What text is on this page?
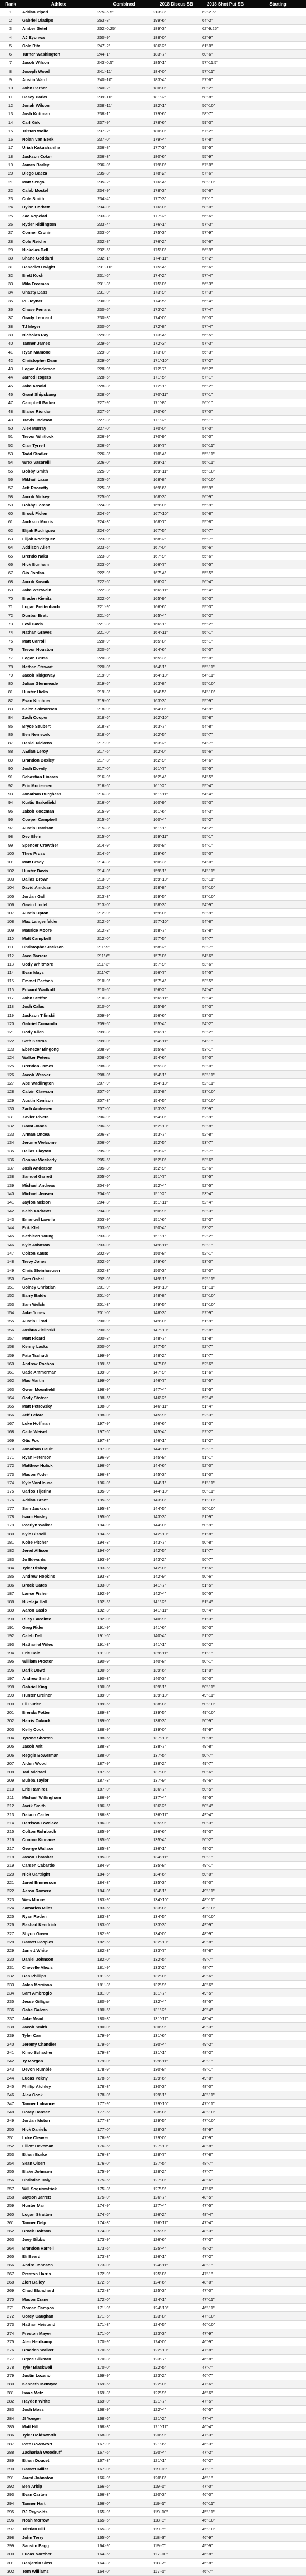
Rank	Athlete	Combined	2018 Discus SB	2018 Shot Put SB	Starting
1	Adrian Piperi	275'-5.5"	213'-3"	62'-2.5"	
2	Gabriel Oladipo	263'-8"	199'-6"	64'-2"	
3	Amber Getel	252'-0.25"	189'-3"	62'-9.25"	
4	AJ Eyonwa	250'-9"	188'-0"	62'-9"	
5	Cole Ritz	247'-2"	186'-2"	61'-0"	
6	Turner Washington	244'-1"	183'-7"	60'-6"	
7	Jacob Wilson	243'-0.5"	185'-1"	57'-11.5"	
8	Joseph Wood	241'-11"	184'-0"	57'-11"	
9	Austin Ward	240'-10"	183'-4"	57'-6"	
10	John Barber	240'-2"	180'-0"	60'-2"	
11	Casey Parks	239'-10"	181'-2"	58'-8"	
12	Jonah Wilson	238'-11"	182'-1"	56'-10"	
13	Josh Kottman	238'-1"	179'-6"	58'-7"	
14	Carl Kirk	237'-9"	178'-6"	59'-3"	
15	Tristan Wolfe	237'-2"	180'-0"	57'-2"	
16	Nolan Van Beek	237'-0"	179'-4"	57'-8"	
17	Uriah Kakuahaniha	236'-8"	177'-3"	59'-5"	
18	Jackson Coker	236'-3"	180'-6"	55'-9"	
19	James Barley	236'-0"	179'-0"	57'-0"	
20	Diego Baeza	235'-8"	178'-2"	57'-6"	
21	Matt Szego	235'-2"	176'-4"	58'-10"	
22	Caleb Mostel	234'-9"	178'-3"	56'-6"	
23	Cole Smith	234'-4"	177'-3"	57'-1"	
24	Dylan Corbett	234'-0"	176'-0"	58'-0"	
25	Zac Ropelad	233'-8"	177'-2"	56'-6"	
26	Ryder Ridlington	233'-4"	176'-1"	57'-3"	
27	Conner Cronin	233'-0"	175'-3"	57'-9"	
28	Cole Reiche	232'-8"	176'-2"	56'-6"	
29	Nickolas Dell	232'-5"	175'-8"	56'-9"	
30	Shane Goddard	232'-1"	174'-11"	57'-2"	
31	Benedict Dwight	231'-10"	175'-4"	56'-6"	
32	Brett Koch	231'-6"	174'-2"	57'-4"	
33	Milo Freeman	231'-3"	175'-0"	56'-3"	
34	Chasty Bass	231'-0"	173'-9"	57'-3"	
35	PL Joyner	230'-9"	174'-5"	56'-4"	
36	Chase Ferrara	230'-6"	173'-2"	57'-4"	
37	Grady Leonard	230'-3"	174'-0"	56'-3"	
38	TJ Meyer	230'-0"	172'-8"	57'-4"	
39	Nicholas Ray	229'-9"	173'-4"	56'-5"	
40	Tanner James	229'-6"	172'-3"	57'-3"	
41	Ryan Mamone	229'-3"	173'-0"	56'-3"	
42	Christopher Dean	229'-0"	171'-10"	57'-2"	
43	Logan Anderson	228'-9"	172'-7"	56'-2"	
44	Jarrod Rogers	228'-6"	171'-5"	57'-1"	
45	Jake Arnold	228'-3"	172'-1"	56'-2"	
46	Grant Shipsbang	228'-0"	170'-11"	57'-1"	
47	Campbell Parker	227'-9"	171'-8"	56'-1"	
48	Blaise Riordan	227'-6"	170'-6"	57'-0"	
49	Travis Jackson	227'-3"	171'-2"	56'-1"	
50	Alex Murray	227'-0"	170'-0"	57'-0"	
51	Trevor Whitlock	226'-9"	170'-9"	56'-0"	
52	Cian Tyrrell	226'-6"	169'-7"	56'-11"	
53	Todd Stadler	226'-3"	170'-4"	55'-11"	
54	Wrex Vasarelli	226'-0"	169'-1"	56'-11"	
55	Bobby Smith	225'-9"	169'-11"	55'-10"	
56	Mikhail Lazar	225'-6"	168'-8"	56'-10"	
57	Jett Raccotty	225'-3"	169'-6"	55'-9"	
58	Jacob Mickey	225'-0"	168'-3"	56'-9"	
59	Bobby Lorenz	224'-9"	169'-0"	55'-9"	
60	Brock Ficlen	224'-6"	167'-10"	56'-8"	
61	Jackson Morris	224'-3"	168'-7"	55'-8"	
62	Elijah Rodriguez	224'-0"	167'-5"	56'-7"	
63	Elijah Rodriguez	223'-9"	168'-2"	55'-7"	
64	Addison Allen	223'-6"	167'-0"	56'-6"	
65	Brendo Naku	223'-3"	167'-9"	55'-6"	
66	Nick Bunham	223'-0"	166'-7"	56'-5"	
67	Gio Jordan	222'-9"	167'-4"	55'-5"	
68	Jacob Kosnik	222'-6"	166'-2"	56'-4"	
69	Jake Wertwein	222'-3"	166'-11"	55'-4"	
70	Braden Kienitz	222'-0"	165'-9"	56'-3"	
71	Logan Freitenbach	221'-9"	166'-6"	55'-3"	
72	Dunbar Brett	221'-6"	165'-4"	56'-2"	
73	Levi Davis	221'-3"	166'-1"	55'-2"	
74	Nathan Graves	221'-0"	164'-11"	56'-1"	
75	Matt Carroll	220'-9"	165'-8"	55'-1"	
76	Trevor Houston	220'-6"	164'-6"	56'-0"	
77	Logan Bruss	220'-3"	165'-3"	55'-0"	
78	Nathan Stewart	220'-0"	164'-1"	55'-11"	
79	Jacob Ridgeway	219'-9"	164'-10"	54'-11"	
80	Julian Glenmeade	219'-6"	163'-8"	55'-10"	
81	Hunter Hicks	219'-3"	164'-5"	54'-10"	
82	Evan Kirchner	219'-0"	163'-3"	55'-9"	
83	Kalen Salmonsen	218'-9"	164'-0"	54'-9"	
84	Zach Cooper	218'-6"	162'-10"	55'-8"	
85	Bryce Seubert	218'-3"	163'-7"	54'-8"	
86	Ben Nemecek	218'-0"	162'-5"	55'-7"	
87	Daniel Nickens	217'-9"	163'-2"	54'-7"	
88	AEdan Leroy	217'-6"	162'-0"	55'-6"	
89	Brandon Boxley	217'-3"	162'-9"	54'-6"	
90	Josh Dowdy	217'-0"	161'-7"	55'-5"	
91	Sebastian Linares	216'-9"	162'-4"	54'-5"	
92	Eric Mortensen	216'-6"	161'-2"	55'-4"	
93	Jonathan Burghess	216'-3"	161'-11"	54'-4"	
94	Kurtis Brakefield	216'-0"	160'-9"	55'-3"	
95	Jakob Koozman	215'-9"	161'-6"	54'-3"	
96	Cooper Campbell	215'-6"	160'-4"	55'-2"	
97	Austin Harrison	215'-3"	161'-1"	54'-2"	
98	Dev Blein	215'-0"	159'-11"	55'-1"	
99	Spencer Crowther	214'-9"	160'-8"	54'-1"	
100	Theo Pruss	214'-6"	159'-6"	55'-0"	
101	Matt Brady	214'-3"	160'-3"	54'-0"	
102	Hunter Davis	214'-0"	159'-1"	54'-11"	
103	Dallas Brown	213'-9"	159'-10"	53'-11"	
104	David Amduan	213'-6"	158'-8"	54'-10"	
105	Jordan Gall	213'-3"	159'-5"	53'-10"	
106	Gavin Lindel	213'-0"	158'-3"	54'-9"	
107	Austin Upton	212'-9"	159'-0"	53'-9"	
108	Max Langenfelder	212'-6"	157'-10"	54'-8"	
109	Maurice Moore	212'-3"	158'-7"	53'-8"	
110	Matt Campbell	212'-0"	157'-5"	54'-7"	
111	Christopher Jackson	211'-9"	158'-2"	53'-7"	
112	Jace Barrera	211'-6"	157'-0"	54'-6"	
113	Cody Whitmore	211'-3"	157'-9"	53'-6"	
114	Evan Mays	211'-0"	156'-7"	54'-5"	
115	Emmet Bartsch	210'-9"	157'-4"	53'-5"	
116	Edward Wadkoff	210'-6"	156'-2"	54'-4"	
117	John Steffan	210'-3"	156'-11"	53'-4"	
118	Josh Calas	210'-0"	155'-9"	54'-3"	
119	Jackson Tilinski	209'-9"	156'-6"	53'-3"	
120	Gabriel Comando	209'-6"	155'-4"	54'-2"	
121	Cody Allen	209'-3"	156'-1"	53'-2"	
122	Seth Kearns	209'-0"	154'-11"	54'-1"	
123	Ebenezer Bingong	208'-9"	155'-8"	53'-1"	
124	Walker Peters	208'-6"	154'-6"	54'-0"	
125	Brendan James	208'-3"	155'-3"	53'-0"	
126	Jacob Weaver	208'-0"	154'-1"	53'-11"	
127	Abe Wadlington	207'-9"	154'-10"	52'-11"	
128	Calvin Clawson	207'-6"	153'-8"	53'-10"	
129	Austin Kenison	207'-3"	154'-5"	52'-10"	
130	Zach Andersen	207'-0"	153'-3"	53'-9"	
131	Xavier Rivera	206'-9"	154'-0"	52'-9"	
132	Grant Jones	206'-6"	152'-10"	53'-8"	
133	Arman Oncea	206'-3"	153'-7"	52'-8"	
134	Jerome Welcome	206'-0"	152'-5"	53'-7"	
135	Dallas Clayton	205'-9"	153'-2"	52'-7"	
136	Connor Weckerly	205'-6"	152'-0"	53'-6"	
137	Josh Anderson	205'-3"	152'-9"	52'-6"	
138	Samuel Garrett	205'-0"	151'-7"	53'-5"	
139	Michael Andreas	204'-9"	152'-4"	52'-5"	
140	Michael Jensen	204'-6"	151'-2"	53'-4"	
141	Jaylon Nelson	204'-3"	151'-11"	52'-4"	
142	Keith Andrews	204'-0"	150'-9"	53'-3"	
143	Emanuel Lavelle	203'-9"	151'-6"	52'-3"	
144	Erik Klett	203'-6"	150'-4"	53'-2"	
145	Kathleen Young	203'-3"	151'-1"	52'-2"	
146	Kyle Johnson	203'-0"	149'-11"	53'-1"	
147	Colton Kauts	202'-9"	150'-8"	52'-1"	
148	Trevy Jones	202'-6"	149'-6"	53'-0"	
149	Chris Steinhaeuser	202'-3"	150'-3"	52'-0"	
150	Sam Oshel	202'-0"	149'-1"	52'-11"	
151	Colney Christian	201'-9"	149'-10"	51'-11"	
152	Barry Batdo	201'-6"	148'-8"	52'-10"	
153	Sam Welch	201'-3"	149'-5"	51'-10"	
154	Jake Jones	201'-0"	148'-3"	52'-9"	
155	Austin Elrod	200'-9"	149'-0"	51'-9"	
156	Joshua Zielinski	200'-6"	147'-10"	52'-8"	
157	Matt Ricard	200'-3"	148'-7"	51'-8"	
158	Kenny Lasks	200'-0"	147'-5"	52'-7"	
159	Pate Tschudi	199'-9"	148'-2"	51'-7"	
160	Andrew Rochon	199'-6"	147'-0"	52'-6"	
161	Cade Ammerman	199'-3"	147'-9"	51'-6"	
162	Mac Martin	199'-0"	146'-7"	52'-5"	
163	Owen Moonfield	198'-9"	147'-4"	51'-5"	
164	Cody Stotzer	198'-6"	146'-2"	52'-4"	
165	Matt Petrovsky	198'-3"	146'-11"	51'-4"	
166	Jeff Lefore	198'-0"	145'-9"	52'-3"	
167	Luke Hoffman	197'-9"	146'-6"	51'-3"	
168	Cade Weisel	197'-6"	145'-4"	52'-2"	
169	Otis Fox	197'-3"	146'-1"	51'-2"	
170	Jonathan Gault	197'-0"	144'-11"	52'-1"	
171	Ryan Peterson	196'-9"	145'-8"	51'-1"	
172	Matthew Hulick	196'-6"	144'-6"	52'-0"	
173	Mason Yoder	196'-3"	145'-3"	51'-0"	
174	Kyle VonHouse	196'-0"	144'-1"	51'-11"	
175	Carlos Tijerina	195'-9"	144'-10"	50'-11"	
176	Adrian Grant	195'-6"	143'-8"	51'-10"	
177	Sam Jackson	195'-3"	144'-5"	50'-10"	
178	Isaac Hosley	195'-0"	143'-3"	51'-9"	
179	Peerlyn Walker	194'-9"	144'-0"	50'-9"	
180	Kyle Bissell	194'-6"	142'-10"	51'-8"	
181	Kobe Pitcher	194'-3"	143'-7"	50'-8"	
182	Jered Allison	194'-0"	142'-5"	51'-7"	
183	Jo Edwards	193'-9"	143'-2"	50'-7"	
184	Tyler Bishop	193'-6"	142'-0"	51'-6"	
185	Andrew Hopkins	193'-3"	142'-9"	50'-6"	
186	Brock Gates	193'-0"	141'-7"	51'-5"	
187	Lance Fisher	192'-9"	142'-4"	50'-5"	
188	Nikolaja Holl	192'-6"	141'-2"	51'-4"	
189	Aaron Casio	192'-3"	141'-11"	50'-4"	
190	Riley LaPointe	192'-0"	140'-9"	51'-3"	
191	Greg Rider	191'-9"	141'-6"	50'-3"	
192	Caleb Dell	191'-6"	140'-4"	51'-2"	
193	Nathaniel Wiles	191'-3"	141'-1"	50'-2"	
194	Eric Cale	191'-0"	139'-11"	51'-1"	
195	William Proctor	190'-9"	140'-8"	50'-1"	
196	Darik Dowd	190'-6"	139'-6"	51'-0"	
197	Andrew Smith	190'-3"	140'-3"	50'-0"	
198	Gabriel King	190'-0"	139'-1"	50'-11"	
199	Hunter Greiner	189'-9"	139'-10"	49'-11"	
200	Eli Butler	189'-6"	138'-8"	50'-10"	
201	Brenda Potter	189'-3"	139'-5"	49'-10"	
202	Harris Cukuck	189'-0"	138'-3"	50'-9"	
203	Kelly Cook	188'-9"	139'-0"	49'-9"	
204	Tyrone Shorten	188'-6"	137'-10"	50'-8"	
205	Jacob Arlt	188'-3"	138'-7"	49'-8"	
206	Reggie Bowerman	188'-0"	137'-5"	50'-7"	
207	Aiden Wood	187'-9"	138'-2"	49'-7"	
208	Tad Michael	187'-6"	137'-0"	50'-6"	
209	Bubba Taylor	187'-3"	137'-9"	49'-6"	
210	Eric Ramirez	187'-0"	136'-7"	50'-5"	
211	Michael Willingham	186'-9"	137'-4"	49'-5"	
212	Jacik Smith	186'-6"	136'-2"	50'-4"	
213	Daivon Carter	186'-3"	136'-11"	49'-4"	
214	Harrison Lovelace	186'-0"	135'-9"	50'-3"	
215	Colton Rohrbach	185'-9"	136'-6"	49'-3"	
216	Connor Kinnane	185'-6"	135'-4"	50'-2"	
217	George Wallace	185'-3"	136'-1"	49'-2"	
218	Jason Thrasher	185'-0"	134'-11"	50'-1"	
219	Carsen Cabardo	184'-9"	135'-8"	49'-1"	
220	Nick Cartright	184'-6"	134'-6"	50'-0"	
221	Jared Emmerson	184'-3"	135'-3"	49'-0"	
222	Aaron Romero	184'-0"	134'-1"	49'-11"	
223	Wes Moore	183'-9"	134'-10"	48'-11"	
224	Zamarien Miles	183'-6"	133'-8"	49'-10"	
225	Ryan Roden	183'-3"	134'-5"	48'-10"	
226	Rashad Kendrick	183'-0"	133'-3"	49'-9"	
227	Shyon Green	182'-9"	134'-0"	48'-9"	
228	Garrett Peoples	182'-6"	132'-10"	49'-8"	
229	Jarrett White	182'-3"	133'-7"	48'-8"	
230	Daniel Johnson	182'-0"	132'-5"	49'-7"	
231	Chevelle Alexis	181'-9"	133'-2"	48'-7"	
232	Ben Phillips	181'-6"	132'-0"	49'-6"	
233	Jalen Morrison	181'-3"	132'-9"	48'-6"	
234	Sam Ambrogio	181'-0"	131'-7"	49'-5"	
235	Jesse Gilligan	180'-9"	132'-4"	48'-5"	
236	Gabe Galvan	180'-6"	131'-2"	49'-4"	
237	Jake Mead	180'-3"	131'-11"	48'-4"	
238	Jacob Smith	180'-0"	130'-9"	49'-3"	
239	Tyler Carr	179'-9"	131'-6"	48'-3"	
240	Jeremy Chandler	179'-6"	130'-4"	49'-2"	
241	Kimo Schacher	179'-3"	131'-1"	48'-2"	
242	Ty Morgan	179'-0"	129'-11"	49'-1"	
243	Devon Rumble	178'-9"	130'-8"	48'-1"	
244	Lucas Pekny	178'-6"	129'-6"	49'-0"	
245	Phillip Atchley	178'-3"	130'-3"	48'-0"	
246	Alex Cook	178'-0"	129'-1"	48'-11"	
247	Tanner Lafrance	177'-9"	129'-10"	47'-11"	
248	Corey Hansen	177'-6"	128'-8"	48'-10"	
249	Jordan Moton	177'-3"	129'-5"	47'-10"	
250	Nick Daniels	177'-0"	128'-3"	48'-9"	
251	Luke Cleaver	176'-9"	129'-0"	47'-9"	
252	Elliott Haveman	176'-6"	127'-10"	48'-8"	
253	Ethan Burke	176'-3"	128'-7"	47'-8"	
254	Sean Olsen	176'-0"	127'-5"	48'-7"	
255	Blake Johnson	175'-9"	128'-2"	47'-7"	
256	Christian Daly	175'-6"	127'-0"	48'-6"	
257	Will Soquiwatrick	175'-3"	127'-9"	47'-6"	
258	Jayson Jarrett	175'-0"	126'-7"	48'-5"	
259	Hunter Mar	174'-9"	127'-4"	47'-5"	
260	Logan Stratton	174'-6"	126'-2"	48'-4"	
261	Tanner Delp	174'-3"	126'-11"	47'-4"	
262	Brock Dobson	174'-0"	125'-9"	48'-3"	
263	Joey Gibbs	173'-9"	126'-6"	47'-3"	
264	Brandon Harrell	173'-6"	125'-4"	48'-2"	
265	Eli Beard	173'-3"	126'-1"	47'-2"	
266	Andre Johnson	173'-0"	124'-11"	48'-1"	
267	Preston Harris	172'-9"	125'-8"	47'-1"	
268	Zion Bailey	172'-6"	124'-6"	48'-0"	
269	Chad Blanchard	172'-3"	125'-3"	47'-0"	
270	Mason Crane	172'-0"	124'-1"	47'-11"	
271	Roman Campos	171'-9"	124'-10"	46'-11"	
272	Corey Gaughan	171'-6"	123'-8"	47'-10"	
273	Nathan Heistand	171'-3"	124'-5"	46'-10"	
274	Preston Mayer	171'-0"	123'-3"	47'-9"	
275	Alec Heidkamp	170'-9"	124'-0"	46'-9"	
276	Braeden Walker	170'-6"	122'-10"	47'-8"	
277	Bryce Silkman	170'-3"	123'-7"	46'-8"	
278	Tyler Blackwell	170'-0"	122'-5"	47'-7"	
279	Justin Lozano	169'-9"	123'-2"	46'-7"	
280	Kenneth McIntyre	169'-6"	122'-0"	47'-6"	
281	Isaac Metz	169'-3"	122'-9"	46'-6"	
282	Hayden White	169'-0"	121'-7"	47'-5"	
283	Josh Moss	168'-9"	122'-4"	46'-5"	
284	JI Yonger	168'-6"	121'-2"	47'-4"	
285	Matt Hill	168'-3"	121'-11"	46'-4"	
286	Tyler Holdsworth	168'-0"	120'-9"	47'-3"	
287	Pete Bowswort	167'-9"	121'-6"	46'-3"	
288	Zachariah Woodruff	167'-6"	120'-4"	47'-2"	
289	Ethan Doucet	167'-3"	121'-1"	46'-2"	
290	Garrett Miller	167'-0"	119'-11"	47'-1"	
291	Jared Johnston	166'-9"	120'-8"	46'-1"	
292	Ben Arbip	166'-6"	119'-6"	47'-0"	
293	Evan Carton	166'-3"	120'-3"	46'-0"	
294	Tanner Hart	166'-0"	119'-1"	46'-11"	
295	RJ Reynolds	165'-9"	119'-10"	45'-11"	
296	Noah Morrow	165'-6"	118'-8"	46'-10"	
297	Tristian Hill	165'-3"	119'-5"	45'-10"	
298	John Terry	165'-0"	118'-3"	46'-9"	
299	Sanstin Bagg	164'-9"	119'-0"	45'-9"	
300	Lucas Norcher	164'-6"	117'-10"	46'-8"	
301	Benjamin Sims	164'-3"	118'-7"	45'-8"	
302	Tom Williams	164'-0"	117'-5"	46'-7"	
